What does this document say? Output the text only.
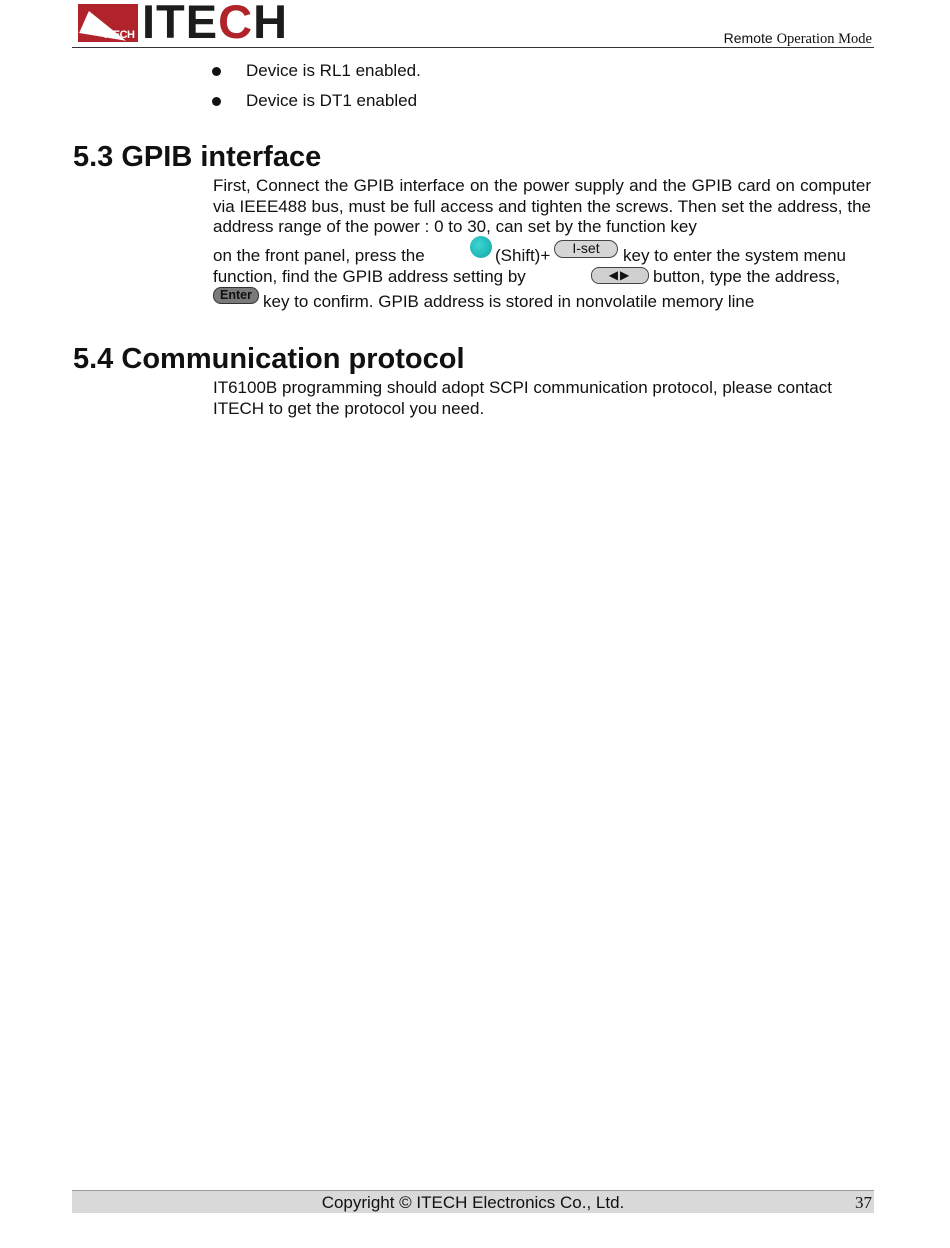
ITECH ITECH	Remote Operation Mode
Device is RL1 enabled.
Device is DT1 enabled
5.3 GPIB interface
First, Connect the GPIB interface on the power supply and the GPIB card on computer via IEEE488 bus, must be full access and tighten the screws. Then set the address, the address range of the power : 0 to 30, can set by the function key
on the front panel, press the	(Shift)+	I-set	key to enter the system menu
function, find the GPIB address setting by	◀▶	button, type the address,
Enter key to confirm. GPIB address is stored in nonvolatile memory line
5.4 Communication protocol
IT6100B programming should adopt SCPI communication protocol, please contact ITECH to get the protocol you need.
Copyright © ITECH Electronics Co., Ltd.	37
